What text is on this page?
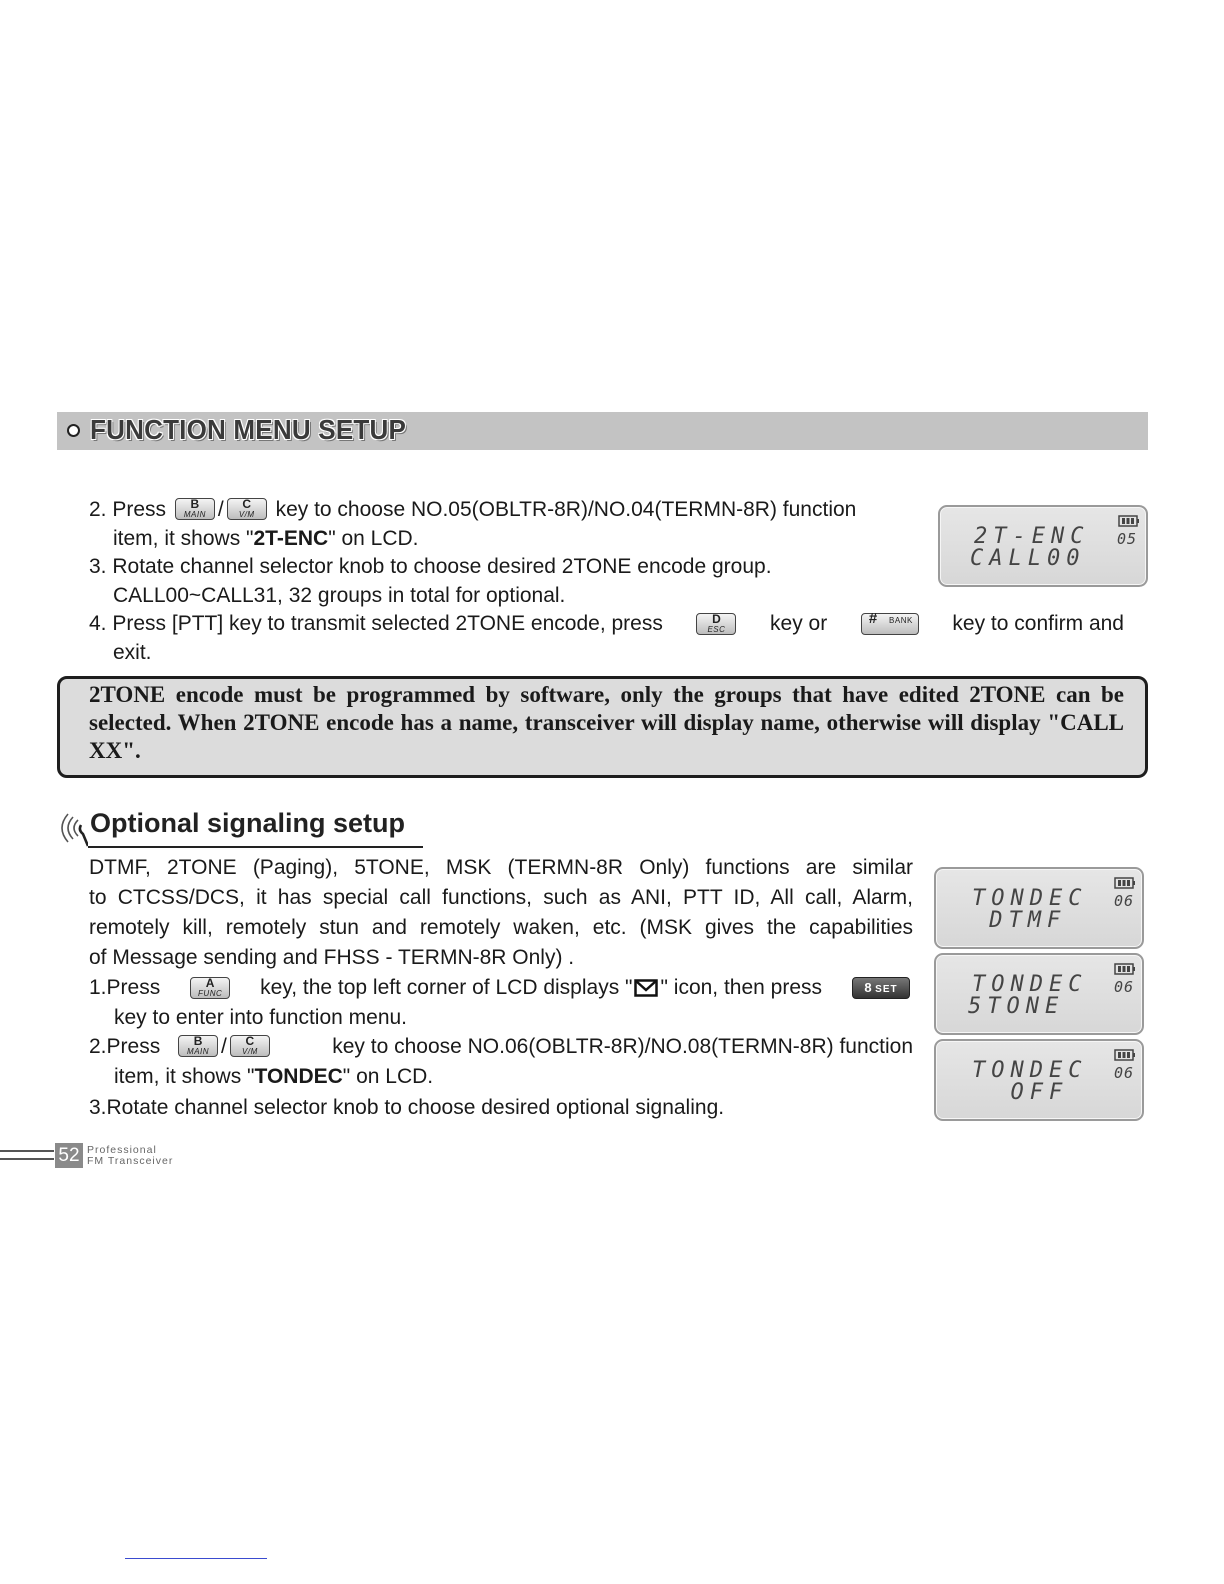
FUNCTION MENU SETUP
2. Press	B
MAIN /	C
V/M key to choose NO.05(OBLTR-8R)/NO.04(TERMN-8R) function
item, it shows "2T-ENC" on LCD.
3. Rotate channel selector knob to choose desired 2TONE encode group.
CALL00~CALL31, 32 groups in total for optional.
4. Press [PTT] key to transmit selected 2TONE encode, press	D
ESC	key or	#	BANK key to confirm and
exit.
2T-ENC
CALL00
05
2TONE encode must be programmed by software, only the groups that have edited 2TONE can be selected. When 2TONE encode has a name, transceiver will display name, otherwise will display "CALL XX".
Optional signaling setup
DTMF, 2TONE (Paging), 5TONE, MSK (TERMN-8R Only) functions are similar
to CTCSS/DCS, it has special call functions, such as ANI, PTT ID, All call, Alarm,
remotely kill, remotely stun and remotely waken, etc. (MSK gives the capabilities
of Message sending and FHSS - TERMN-8R Only) .
1.Press	A
FUNC	key, the top left corner of LCD displays " " icon, then press	8 SET
key to enter into function menu.
2.Press	B
MAIN /	C
V/M	key to choose NO.06(OBLTR-8R)/NO.08(TERMN-8R) function
item, it shows "TONDEC" on LCD.
3.Rotate channel selector knob to choose desired optional signaling.
TONDEC
DTMF
06
TONDEC
5TONE
06
TONDEC
OFF
06
52 Professional
FM Transceiver
